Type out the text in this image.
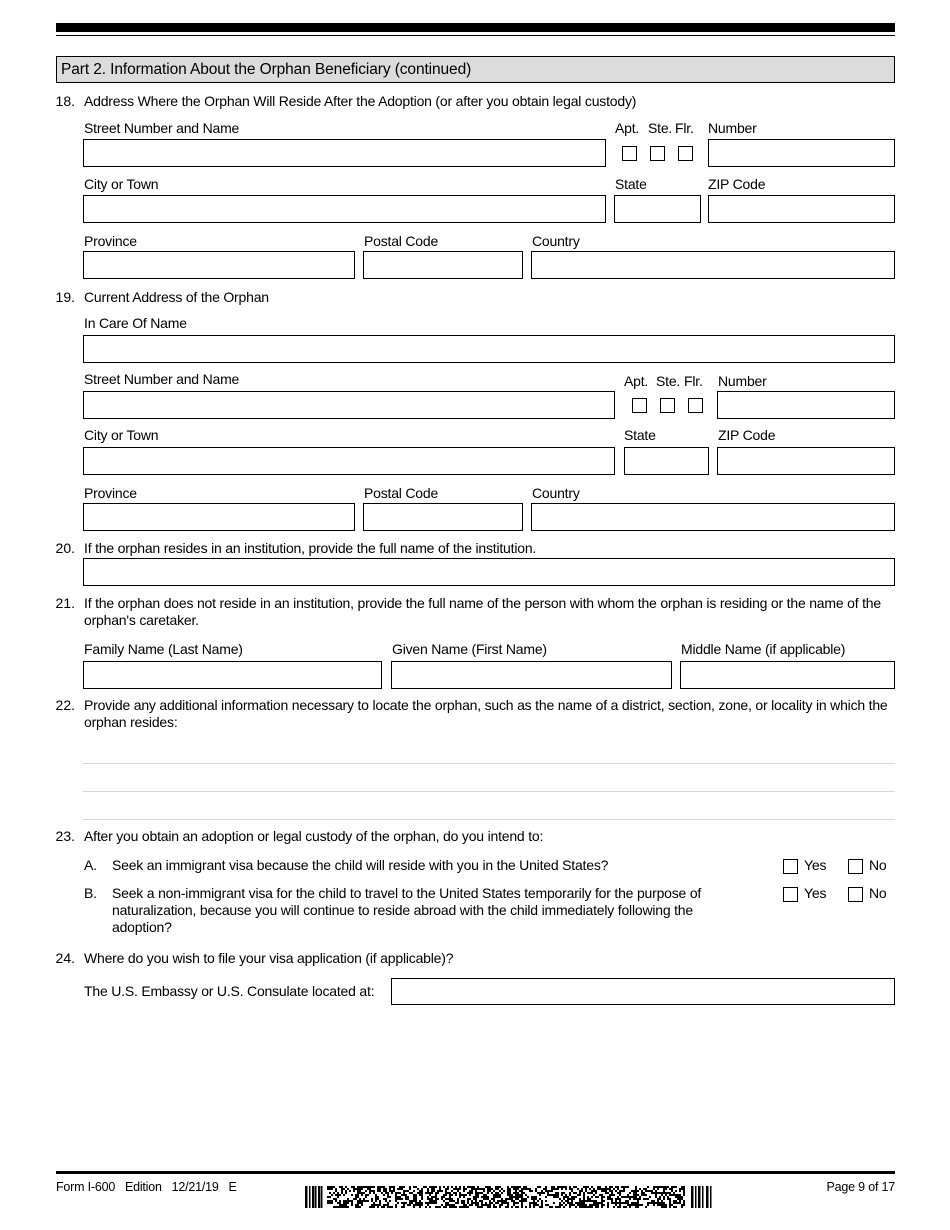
Part 2. Information About the Orphan Beneficiary (continued)
18. Address Where the Orphan Will Reside After the Adoption (or after you obtain legal custody)
Street Number and Name	Apt. Ste. Flr. Number
City or Town	State	ZIP Code
Province	Postal Code	Country
19. Current Address of the Orphan
In Care Of Name
Street Number and Name	Apt. Ste. Flr. Number
City or Town	State	ZIP Code
Province	Postal Code	Country
20. If the orphan resides in an institution, provide the full name of the institution.
21. If the orphan does not reside in an institution, provide the full name of the person with whom the orphan is residing or the name of the orphan's caretaker.
Family Name (Last Name)	Given Name (First Name)	Middle Name (if applicable)
22. Provide any additional information necessary to locate the orphan, such as the name of a district, section, zone, or locality in which the orphan resides:
23. After you obtain an adoption or legal custody of the orphan, do you intend to:
A. Seek an immigrant visa because the child will reside with you in the United States?	Yes	No
B. Seek a non-immigrant visa for the child to travel to the United States temporarily for the purpose of naturalization, because you will continue to reside abroad with the child immediately following the adoption?
Yes	No
24. Where do you wish to file your visa application (if applicable)?
The U.S. Embassy or U.S. Consulate located at:
Form I-600   Edition   12/21/19   E	Page 9 of 17
